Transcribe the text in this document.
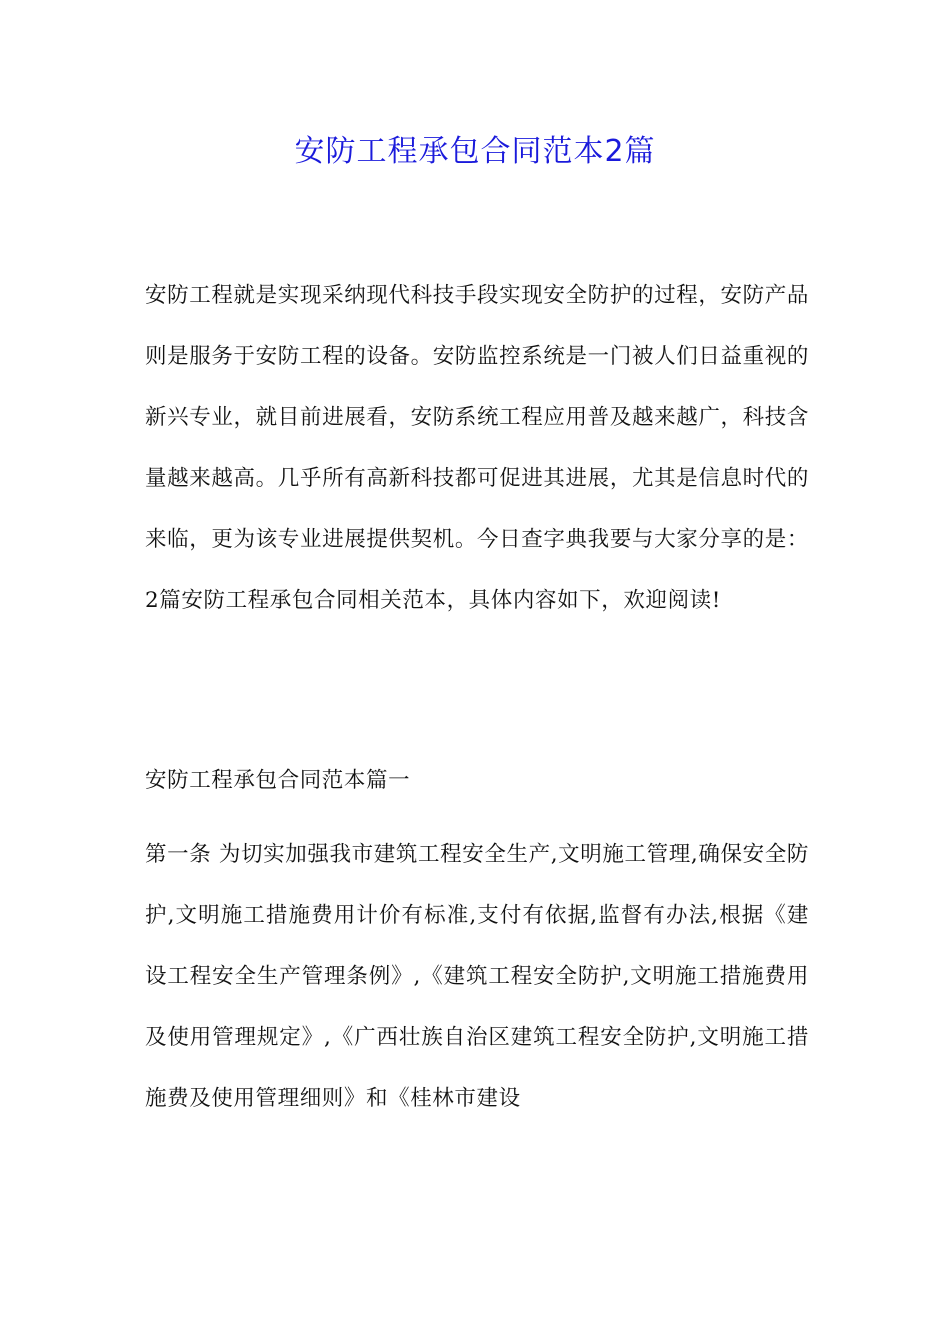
安防工程承包合同范本2篇

安防工程就是实现采纳现代科技手段实现安全防护的过程，安防产品则是服务于安防工程的设备。安防监控系统是一门被人们日益重视的新兴专业，就目前进展看，安防系统工程应用普及越来越广，科技含量越来越高。几乎所有高新科技都可促进其进展，尤其是信息时代的来临，更为该专业进展提供契机。今日查字典我要与大家分享的是：2篇安防工程承包合同相关范本，具体内容如下，欢迎阅读!

安防工程承包合同范本篇一

第一条 为切实加强我市建筑工程安全生产,文明施工管理,确保安全防护,文明施工措施费用计价有标准,支付有依据,监督有办法,根据《建设工程安全生产管理条例》,《建筑工程安全防护,文明施工措施费用及使用管理规定》,《广西壮族自治区建筑工程安全防护,文明施工措施费及使用管理细则》和《桂林市建设
